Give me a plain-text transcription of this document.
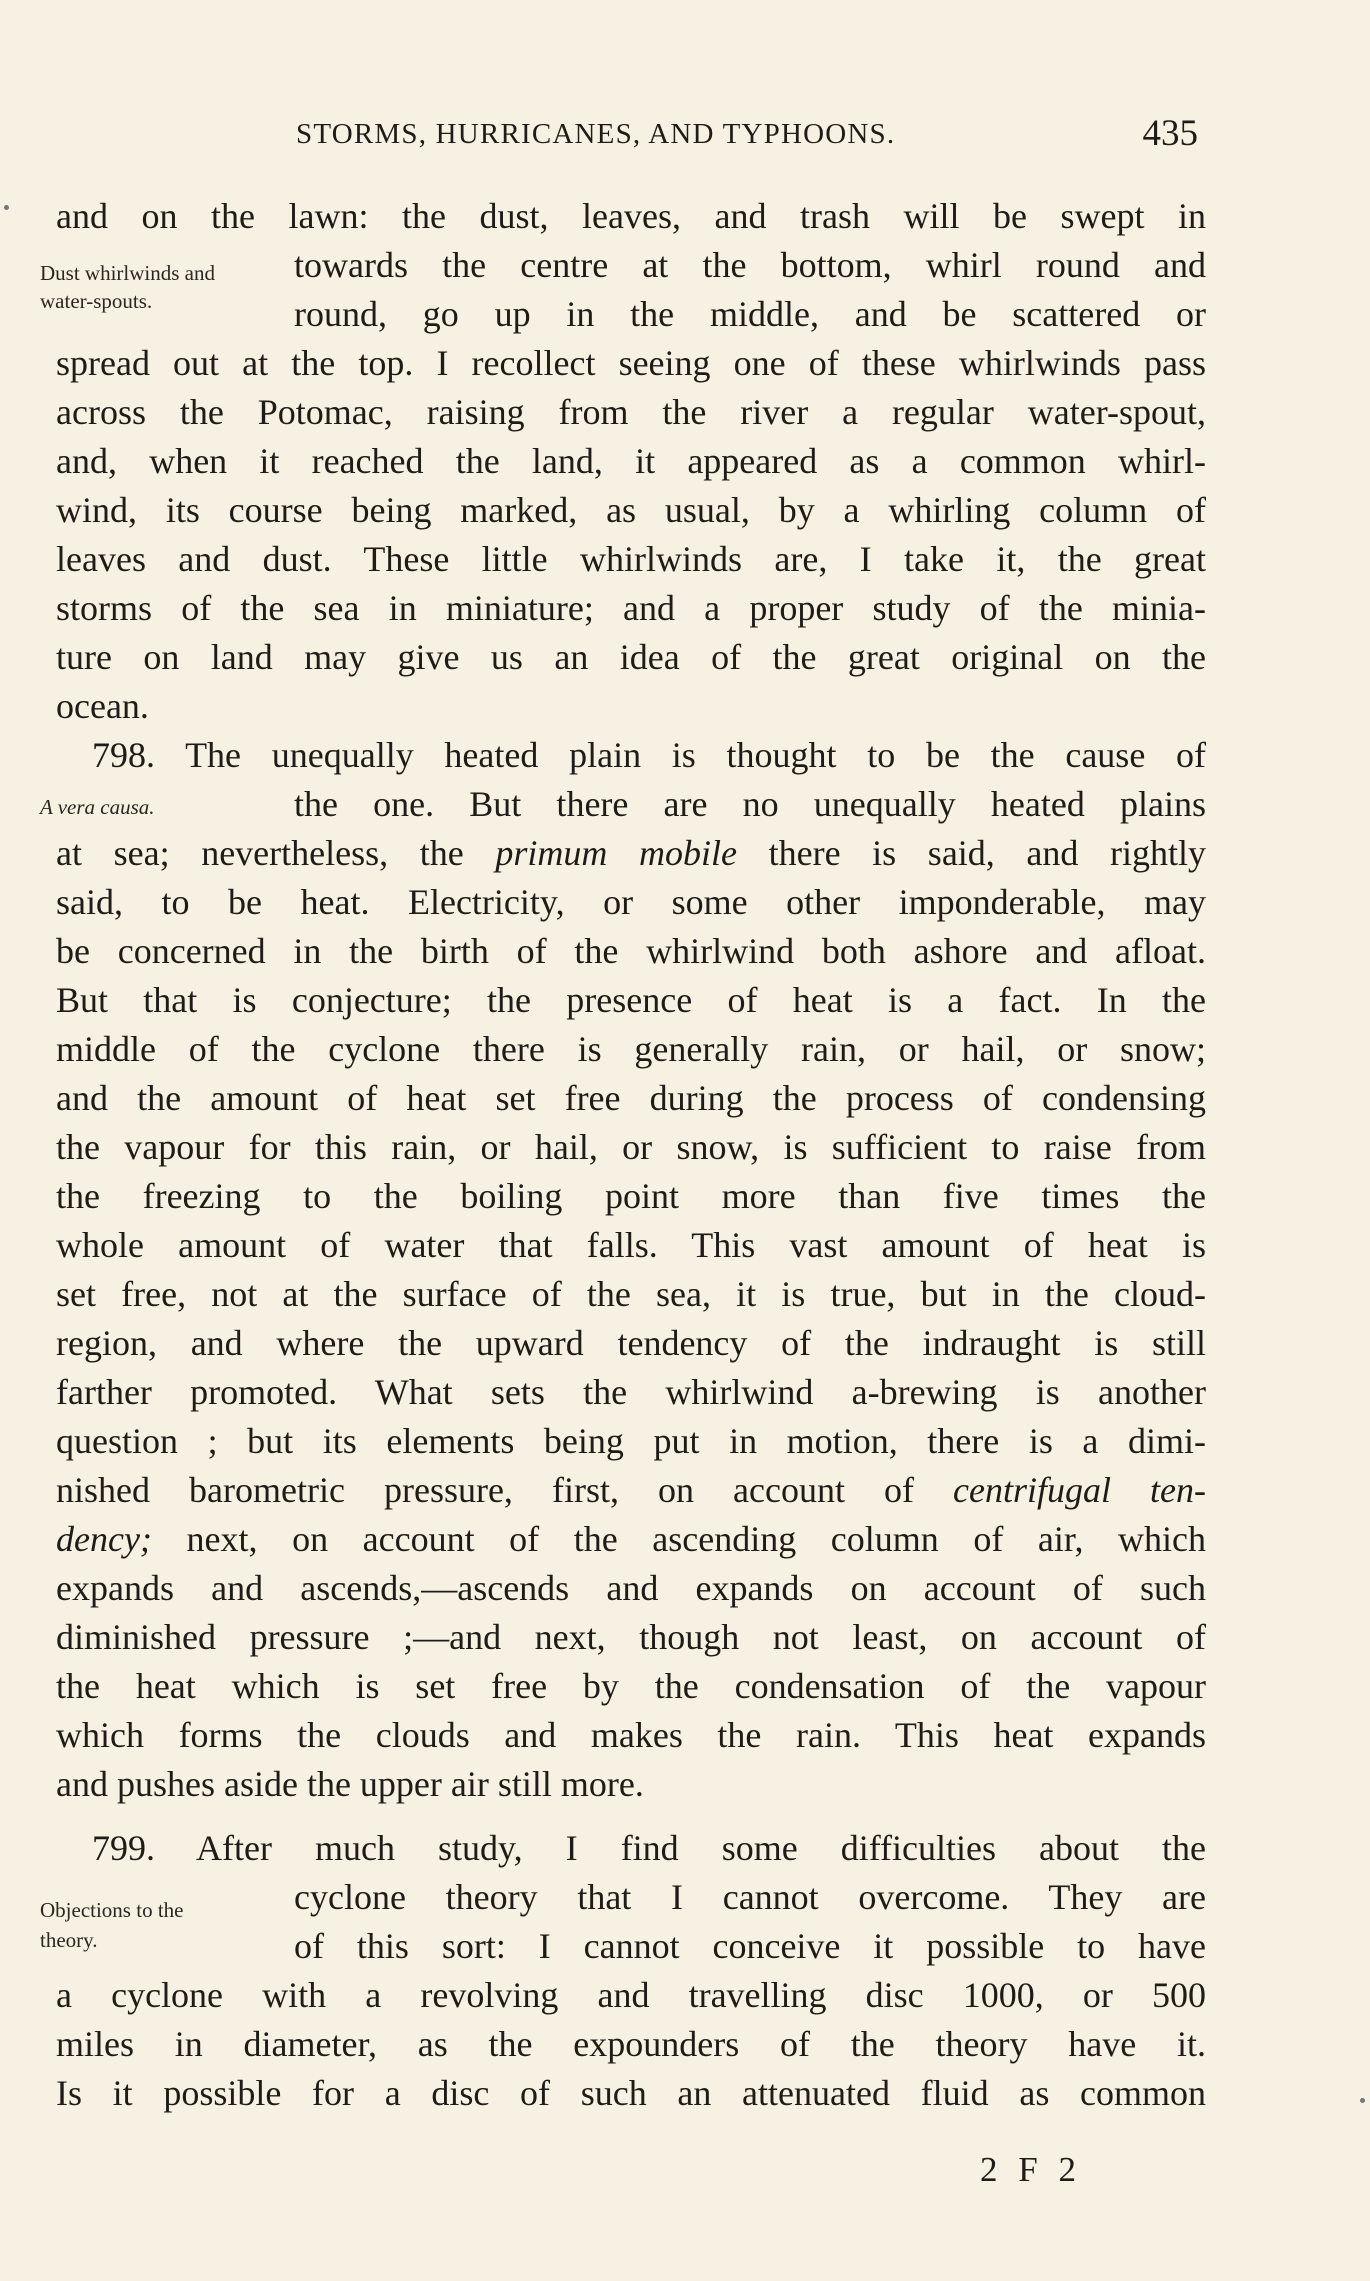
STORMS, HURRICANES, AND TYPHOONS.	435
Dust whirlwinds and
water-spouts.
A vera causa.
Objections to the
theory.
and on the lawn: the dust, leaves, and trash will be swept in
towards the centre at the bottom, whirl round and
round, go up in the middle, and be scattered or
spread out at the top. I recollect seeing one of these whirlwinds pass
across the Potomac, raising from the river a regular water-spout,
and, when it reached the land, it appeared as a common whirl-
wind, its course being marked, as usual, by a whirling column of
leaves and dust. These little whirlwinds are, I take it, the great
storms of the sea in miniature; and a proper study of the minia-
ture on land may give us an idea of the great original on the
ocean.
798. The unequally heated plain is thought to be the cause of
the one. But there are no unequally heated plains
at sea; nevertheless, the primum mobile there is said, and rightly
said, to be heat. Electricity, or some other imponderable, may
be concerned in the birth of the whirlwind both ashore and afloat.
But that is conjecture; the presence of heat is a fact. In the
middle of the cyclone there is generally rain, or hail, or snow;
and the amount of heat set free during the process of condensing
the vapour for this rain, or hail, or snow, is sufficient to raise from
the freezing to the boiling point more than five times the
whole amount of water that falls. This vast amount of heat is
set free, not at the surface of the sea, it is true, but in the cloud-
region, and where the upward tendency of the indraught is still
farther promoted. What sets the whirlwind a-brewing is another
question ; but its elements being put in motion, there is a dimi-
nished barometric pressure, first, on account of centrifugal ten-
dency; next, on account of the ascending column of air, which
expands and ascends,—ascends and expands on account of such
diminished pressure ;—and next, though not least, on account of
the heat which is set free by the condensation of the vapour
which forms the clouds and makes the rain. This heat expands
and pushes aside the upper air still more.
799. After much study, I find some difficulties about the
cyclone theory that I cannot overcome. They are
of this sort: I cannot conceive it possible to have
a cyclone with a revolving and travelling disc 1000, or 500
miles in diameter, as the expounders of the theory have it.
Is it possible for a disc of such an attenuated fluid as common
2 F 2
